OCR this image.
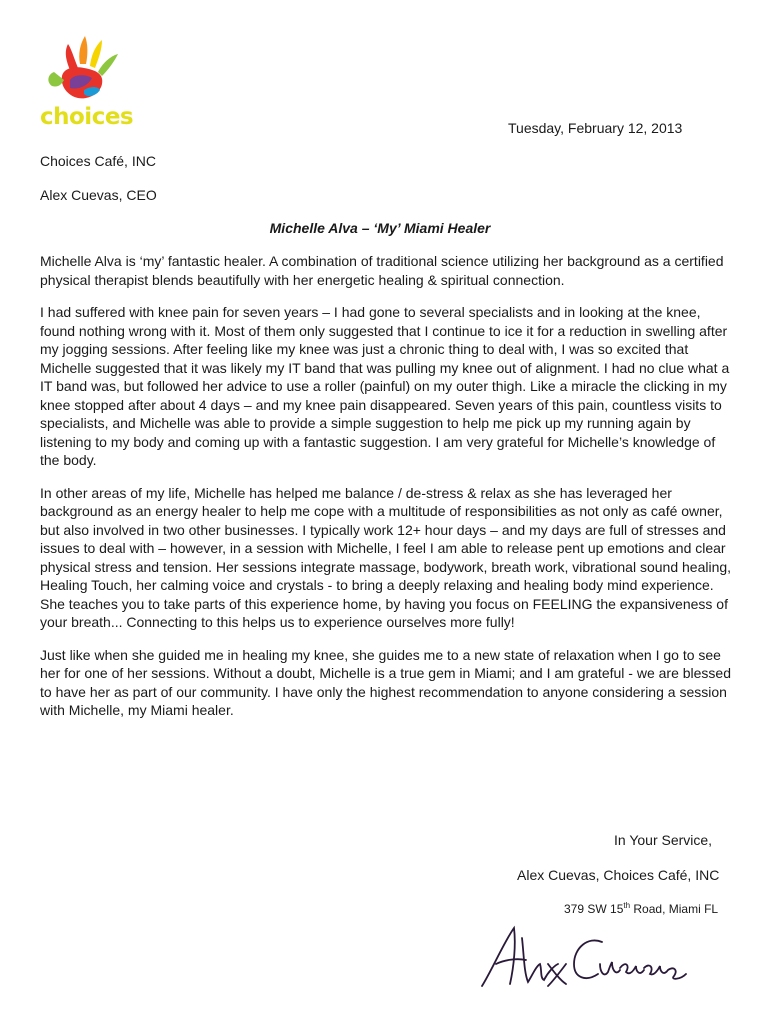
choices	Tuesday, February 12, 2013
Choices Café, INC
Alex Cuevas, CEO
Michelle Alva – ‘My’ Miami Healer

Michelle Alva is ‘my’ fantastic healer. A combination of traditional science utilizing her background as a certified physical therapist blends beautifully with her energetic healing & spiritual connection.

I had suffered with knee pain for seven years – I had gone to several specialists and in looking at the knee, found nothing wrong with it. Most of them only suggested that I continue to ice it for a reduction in swelling after my jogging sessions. After feeling like my knee was just a chronic thing to deal with, I was so excited that Michelle suggested that it was likely my IT band that was pulling my knee out of alignment. I had no clue what a IT band was, but followed her advice to use a roller (painful) on my outer thigh. Like a miracle the clicking in my knee stopped after about 4 days – and my knee pain disappeared. Seven years of this pain, countless visits to specialists, and Michelle was able to provide a simple suggestion to help me pick up my running again by listening to my body and coming up with a fantastic suggestion. I am very grateful for Michelle’s knowledge of the body.

In other areas of my life, Michelle has helped me balance / de-stress & relax as she has leveraged her background as an energy healer to help me cope with a multitude of responsibilities as not only as café owner, but also involved in two other businesses. I typically work 12+ hour days – and my days are full of stresses and issues to deal with – however, in a session with Michelle, I feel I am able to release pent up emotions and clear physical stress and tension. Her sessions integrate massage, bodywork, breath work, vibrational sound healing, Healing Touch, her calming voice and crystals - to bring a deeply relaxing and healing body mind experience. She teaches you to take parts of this experience home, by having you focus on FEELING the expansiveness of your breath... Connecting to this helps us to experience ourselves more fully!

Just like when she guided me in healing my knee, she guides me to a new state of relaxation when I go to see her for one of her sessions. Without a doubt, Michelle is a true gem in Miami; and I am grateful - we are blessed to have her as part of our community. I have only the highest recommendation to anyone considering a session with Michelle, my Miami healer.

In Your Service,
Alex Cuevas, Choices Café, INC
379 SW 15th Road, Miami FL
